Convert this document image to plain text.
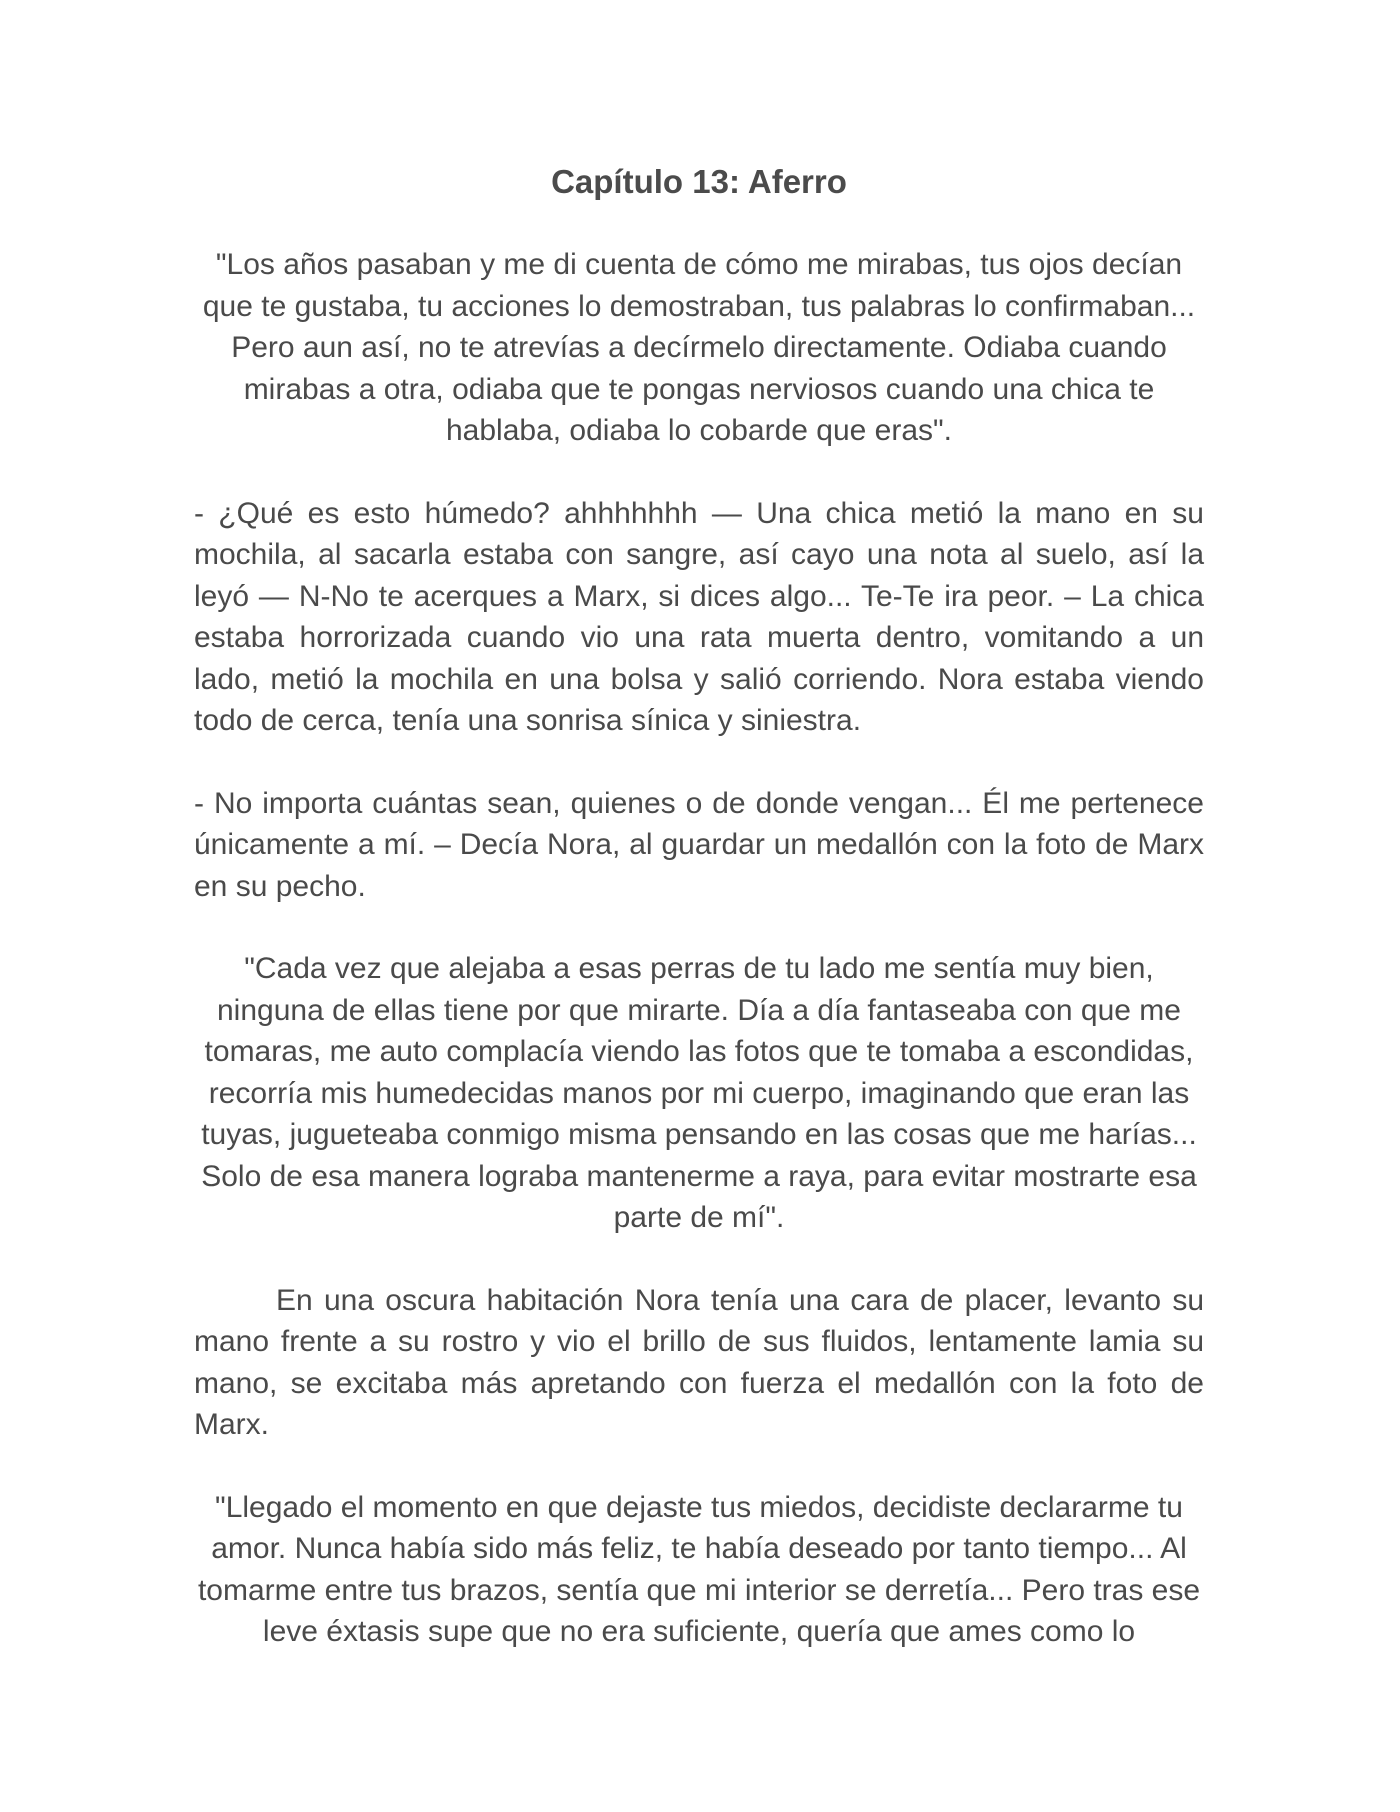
Capítulo 13: Aferro

"Los años pasaban y me di cuenta de cómo me mirabas, tus ojos decían que te gustaba, tu acciones lo demostraban, tus palabras lo confirmaban... Pero aun así, no te atrevías a decírmelo directamente. Odiaba cuando mirabas a otra, odiaba que te pongas nerviosos cuando una chica te hablaba, odiaba lo cobarde que eras".

- ¿Qué es esto húmedo? ahhhhhhh — Una chica metió la mano en su mochila, al sacarla estaba con sangre, así cayo una nota al suelo, así la leyó — N-No te acerques a Marx, si dices algo... Te-Te ira peor. – La chica estaba horrorizada cuando vio una rata muerta dentro, vomitando a un lado, metió la mochila en una bolsa y salió corriendo. Nora estaba viendo todo de cerca, tenía una sonrisa sínica y siniestra.

- No importa cuántas sean, quienes o de donde vengan... Él me pertenece únicamente a mí. – Decía Nora, al guardar un medallón con la foto de Marx en su pecho.

"Cada vez que alejaba a esas perras de tu lado me sentía muy bien, ninguna de ellas tiene por que mirarte. Día a día fantaseaba con que me tomaras, me auto complacía viendo las fotos que te tomaba a escondidas, recorría mis humedecidas manos por mi cuerpo, imaginando que eran las tuyas, jugueteaba conmigo misma pensando en las cosas que me harías... Solo de esa manera lograba mantenerme a raya, para evitar mostrarte esa parte de mí".

En una oscura habitación Nora tenía una cara de placer, levanto su mano frente a su rostro y vio el brillo de sus fluidos, lentamente lamia su mano, se excitaba más apretando con fuerza el medallón con la foto de Marx.

"Llegado el momento en que dejaste tus miedos, decidiste declararme tu amor. Nunca había sido más feliz, te había deseado por tanto tiempo... Al tomarme entre tus brazos, sentía que mi interior se derretía... Pero tras ese leve éxtasis supe que no era suficiente, quería que ames como lo
